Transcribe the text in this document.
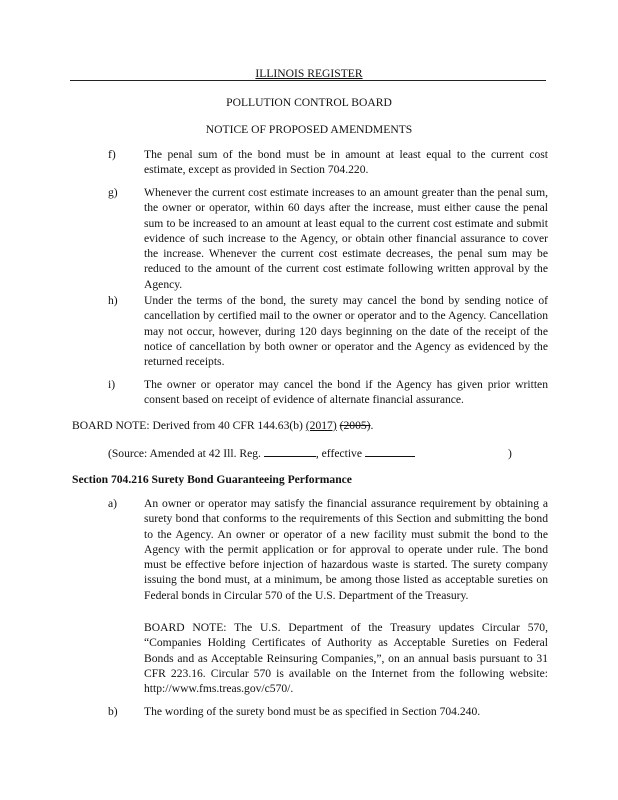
ILLINOIS REGISTER
POLLUTION CONTROL BOARD
NOTICE OF PROPOSED AMENDMENTS
f) The penal sum of the bond must be in amount at least equal to the current cost estimate, except as provided in Section 704.220.
g) Whenever the current cost estimate increases to an amount greater than the penal sum, the owner or operator, within 60 days after the increase, must either cause the penal sum to be increased to an amount at least equal to the current cost estimate and submit evidence of such increase to the Agency, or obtain other financial assurance to cover the increase. Whenever the current cost estimate decreases, the penal sum may be reduced to the amount of the current cost estimate following written approval by the Agency.
h) Under the terms of the bond, the surety may cancel the bond by sending notice of cancellation by certified mail to the owner or operator and to the Agency. Cancellation may not occur, however, during 120 days beginning on the date of the receipt of the notice of cancellation by both owner or operator and the Agency as evidenced by the returned receipts.
i) The owner or operator may cancel the bond if the Agency has given prior written consent based on receipt of evidence of alternate financial assurance.
BOARD NOTE: Derived from 40 CFR 144.63(b) (2017) (2005).
(Source: Amended at 42 Ill. Reg.	, effective	)
Section 704.216 Surety Bond Guaranteeing Performance
a) An owner or operator may satisfy the financial assurance requirement by obtaining a surety bond that conforms to the requirements of this Section and submitting the bond to the Agency. An owner or operator of a new facility must submit the bond to the Agency with the permit application or for approval to operate under rule. The bond must be effective before injection of hazardous waste is started. The surety company issuing the bond must, at a minimum, be among those listed as acceptable sureties on Federal bonds in Circular 570 of the U.S. Department of the Treasury.
BOARD NOTE: The U.S. Department of the Treasury updates Circular 570, “Companies Holding Certificates of Authority as Acceptable Sureties on Federal Bonds and as Acceptable Reinsuring Companies,”, on an annual basis pursuant to 31 CFR 223.16. Circular 570 is available on the Internet from the following website: http://www.fms.treas.gov/c570/.
b) The wording of the surety bond must be as specified in Section 704.240.
